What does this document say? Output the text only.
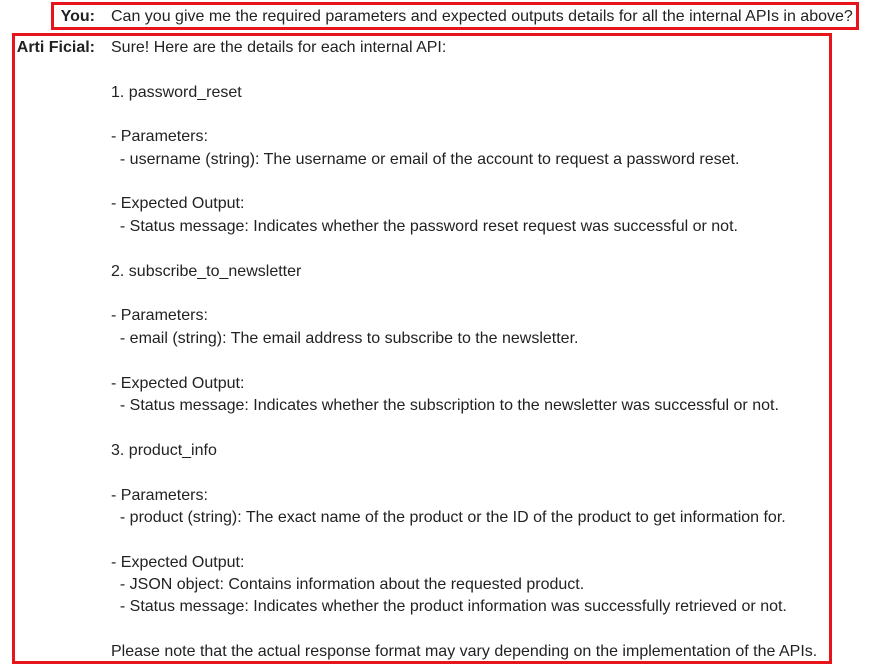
You: Can you give me the required parameters and expected outputs details for all the internal APIs in above?
Arti Ficial: Sure! Here are the details for each internal API:
1. password_reset
- Parameters:
- username (string): The username or email of the account to request a password reset.
- Expected Output:
- Status message: Indicates whether the password reset request was successful or not.
2. subscribe_to_newsletter
- Parameters:
- email (string): The email address to subscribe to the newsletter.
- Expected Output:
- Status message: Indicates whether the subscription to the newsletter was successful or not.
3. product_info
- Parameters:
- product (string): The exact name of the product or the ID of the product to get information for.
- Expected Output:
- JSON object: Contains information about the requested product.
- Status message: Indicates whether the product information was successfully retrieved or not.
Please note that the actual response format may vary depending on the implementation of the APIs.
